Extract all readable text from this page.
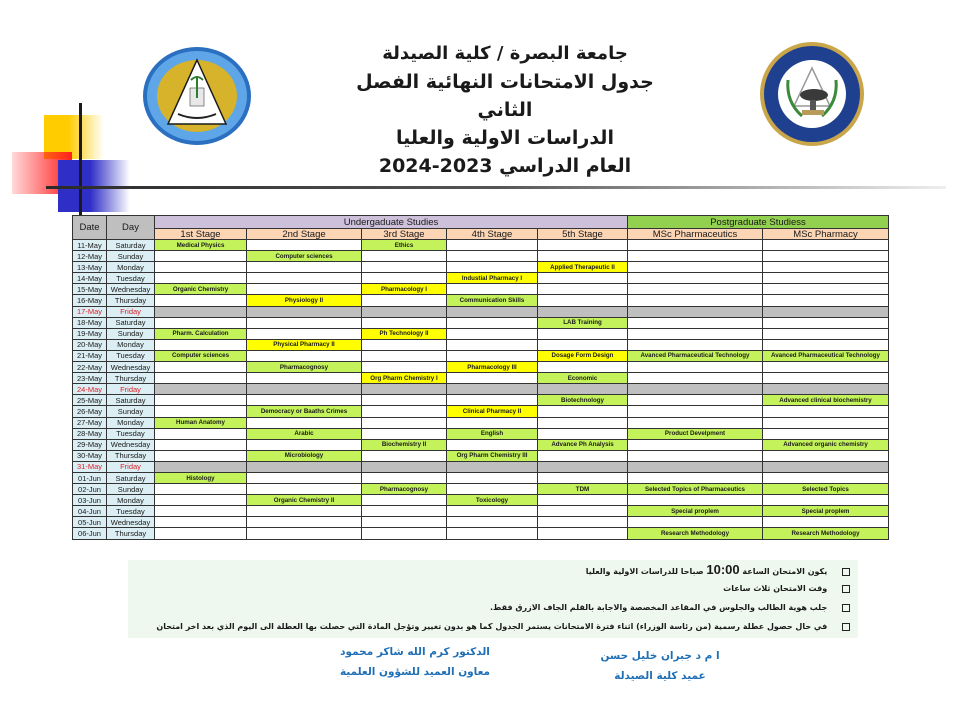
جامعة البصرة / كلية الصيدلة
جدول الامتحانات النهائية الفصل الثاني
الدراسات الاولية والعليا
العام الدراسي 2023-2024
Date	Day	Undergaduate Studies					Postgraduate Studiess	
		1st Stage	2nd Stage	3rd Stage	4th Stage	5th Stage	MSc Pharmaceutics	MSc Pharmacy
11-May	Saturday	Medical Physics		Ethics				
12-May	Sunday		Computer sciences					
13-May	Monday					Applied Therapeutic II		
14-May	Tuesday				Industial Pharmacy I			
15-May	Wednesday	Organic Chemistry		Pharmacology I				
16-May	Thursday		Physiology II		Communication Skills			
17-May	Friday							
18-May	Saturday					LAB Training		
19-May	Sunday	Pharm. Calculation		Ph Technology II				
20-May	Monday		Physical Pharmacy II					
21-May	Tuesday	Computer sciences				Dosage Form Design	Avanced Pharmaceutical Technology	Avanced Pharmaceutical Technology
22-May	Wednesday		Pharmacognosy		Pharmacology III			
23-May	Thursday			Org Pharm Chemistry I		Economic		
24-May	Friday							
25-May	Saturday					Biotechnology		Advanced clinical biochemistry
26-May	Sunday		Democracy or Baaths Crimes		Clinical Pharmacy II			
27-May	Monday	Human Anatomy						
28-May	Tuesday		Arabic		English		Product Develpment	
29-May	Wednesday			Biochemistry II		Advance Ph Analysis		Advanced organic chemistry
30-May	Thursday		Microbiology		Org Pharm Chemistry III			
31-May	Friday							
01-Jun	Saturday	Histology						
02-Jun	Sunday			Pharmacognosy		TDM	Selected Topics of Pharmaceutics	Selected Topics
03-Jun	Monday		Organic Chemistry II		Toxicology			
04-Jun	Tuesday						Special proplem	Special proplem
05-Jun	Wednesday							
06-Jun	Thursday						Research Methodology	Research Methodology
يكون الامتحان الساعة 10:00 صباحا للدراسات الاولية والعليا
وقت الامتحان ثلاث ساعات
جلب هوية الطالب والجلوس في المقاعد المخصصة والاجابة بالقلم الجاف الازرق فقط.
في حال حصول عطلة رسمية (من رئاسة الوزراء) اثناء فترة الامتحانات يستمر الجدول كما هو بدون تغيير وتؤجل المادة التي حصلت بها العطلة الى اليوم الذي بعد اخر امتحان
الدكتور كرم الله شاكر محمود
معاون العميد للشؤون العلمية
ا م د جبران خليل حسن
عميد كلية الصيدلة
